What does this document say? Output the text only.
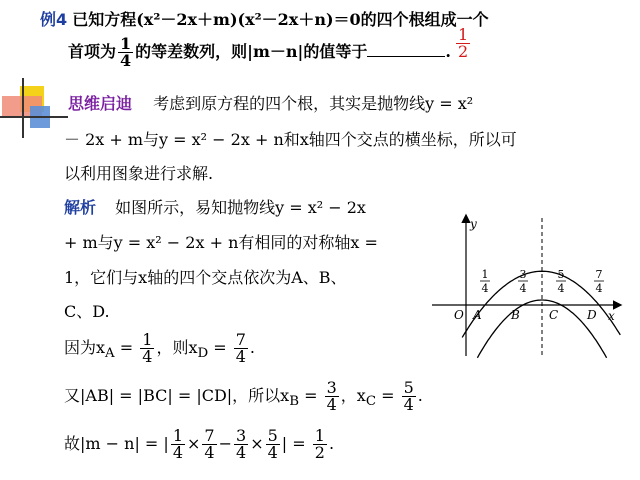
例4 已知方程(x²－2x＋m)(x²－2x＋n)＝0的四个根组成一个
首项为 $\frac{1}{4}$ 的等差数列，则|m－n|的值等于	. $\frac{1}{2}$
思维启迪 考虑到原方程的四个根，其实是抛物线y = x²
－ 2x + m与y = x² − 2x + n和x轴四个交点的横坐标，所以可
以利用图象进行求解.
解析 如图所示，易知抛物线y = x² − 2x
+ m与y = x² − 2x + n有相同的对称轴x =
1，它们与x轴的四个交点依次为A、B、
C、D.
因为$x_A = \frac{1}{4}$ ，则$x_D = \frac{7}{4}$ .
又|AB| = |BC| = |CD|，所以$x_B = \frac{3}{4}$ ，$x_C = \frac{5}{4}$ .
故|m − n| = | $\frac{1}{4} \times \frac{7}{4} - \frac{3}{4} \times \frac{5}{4}$ | = $\frac{1}{2}$ .
1
4
3
4
5
4
7
4
y
x
O A B C D
